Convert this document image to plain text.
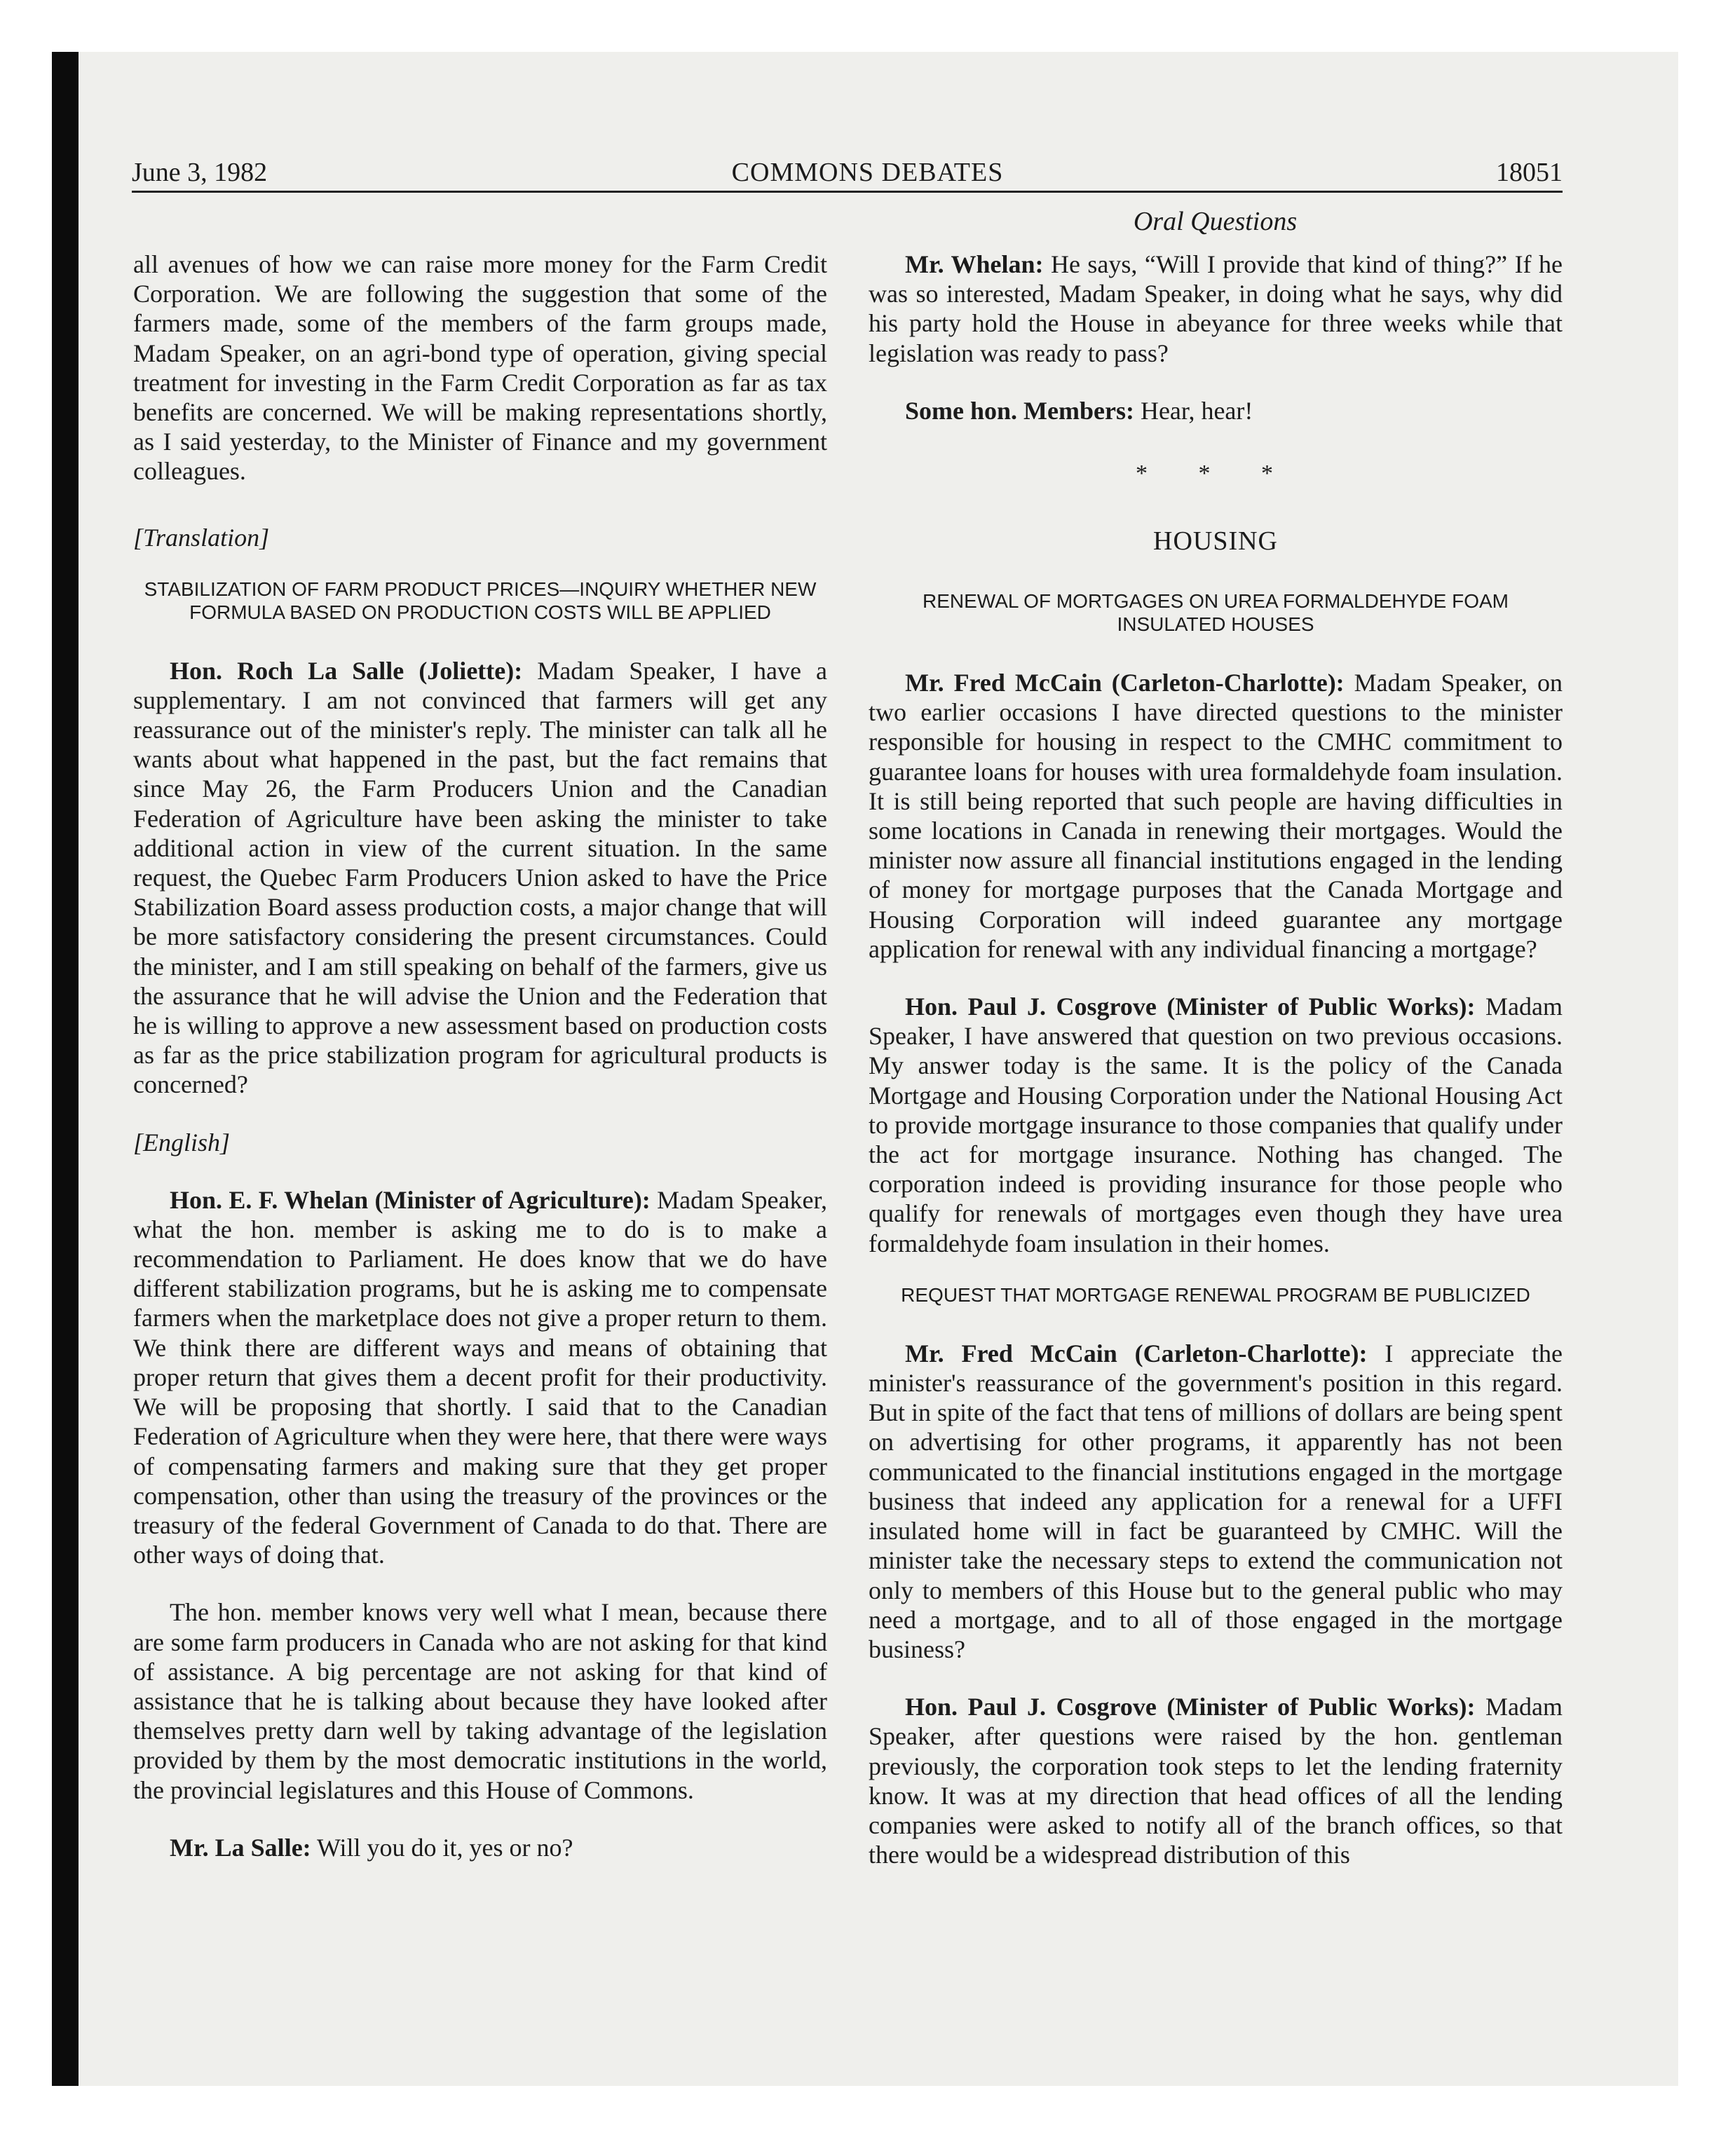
June 3, 1982	COMMONS DEBATES	18051
Oral Questions

all avenues of how we can raise more money for the Farm Credit Corporation. We are following the suggestion that some of the farmers made, some of the members of the farm groups made, Madam Speaker, on an agri-bond type of operation, giving special treatment for investing in the Farm Credit Corporation as far as tax benefits are concerned. We will be making representations shortly, as I said yesterday, to the Minister of Finance and my government colleagues.

[Translation]
STABILIZATION OF FARM PRODUCT PRICES—INQUIRY WHETHER NEW FORMULA BASED ON PRODUCTION COSTS WILL BE APPLIED

Hon. Roch La Salle (Joliette): Madam Speaker, I have a supplementary. I am not convinced that farmers will get any reassurance out of the minister's reply. The minister can talk all he wants about what happened in the past, but the fact remains that since May 26, the Farm Producers Union and the Canadian Federation of Agriculture have been asking the minister to take additional action in view of the current situation. In the same request, the Quebec Farm Producers Union asked to have the Price Stabilization Board assess production costs, a major change that will be more satisfactory considering the present circumstances. Could the minister, and I am still speaking on behalf of the farmers, give us the assurance that he will advise the Union and the Federation that he is willing to approve a new assessment based on production costs as far as the price stabilization program for agricultural products is concerned?

[English]

Hon. E. F. Whelan (Minister of Agriculture): Madam Speaker, what the hon. member is asking me to do is to make a recommendation to Parliament. He does know that we do have different stabilization programs, but he is asking me to compensate farmers when the marketplace does not give a proper return to them. We think there are different ways and means of obtaining that proper return that gives them a decent profit for their productivity. We will be proposing that shortly. I said that to the Canadian Federation of Agriculture when they were here, that there were ways of compensating farmers and making sure that they get proper compensation, other than using the treasury of the provinces or the treasury of the federal Government of Canada to do that. There are other ways of doing that.

The hon. member knows very well what I mean, because there are some farm producers in Canada who are not asking for that kind of assistance. A big percentage are not asking for that kind of assistance that he is talking about because they have looked after themselves pretty darn well by taking advantage of the legislation provided by them by the most democratic institutions in the world, the provincial legislatures and this House of Commons.

Mr. La Salle: Will you do it, yes or no?

Mr. Whelan: He says, “Will I provide that kind of thing?” If he was so interested, Madam Speaker, in doing what he says, why did his party hold the House in abeyance for three weeks while that legislation was ready to pass?

Some hon. Members: Hear, hear!

* * *
HOUSING
RENEWAL OF MORTGAGES ON UREA FORMALDEHYDE FOAM INSULATED HOUSES

Mr. Fred McCain (Carleton-Charlotte): Madam Speaker, on two earlier occasions I have directed questions to the minister responsible for housing in respect to the CMHC commitment to guarantee loans for houses with urea formaldehyde foam insulation. It is still being reported that such people are having difficulties in some locations in Canada in renewing their mortgages. Would the minister now assure all financial institutions engaged in the lending of money for mortgage purposes that the Canada Mortgage and Housing Corporation will indeed guarantee any mortgage application for renewal with any individual financing a mortgage?

Hon. Paul J. Cosgrove (Minister of Public Works): Madam Speaker, I have answered that question on two previous occasions. My answer today is the same. It is the policy of the Canada Mortgage and Housing Corporation under the National Housing Act to provide mortgage insurance to those companies that qualify under the act for mortgage insurance. Nothing has changed. The corporation indeed is providing insurance for those people who qualify for renewals of mortgages even though they have urea formaldehyde foam insulation in their homes.

REQUEST THAT MORTGAGE RENEWAL PROGRAM BE PUBLICIZED

Mr. Fred McCain (Carleton-Charlotte): I appreciate the minister's reassurance of the government's position in this regard. But in spite of the fact that tens of millions of dollars are being spent on advertising for other programs, it apparently has not been communicated to the financial institutions engaged in the mortgage business that indeed any application for a renewal for a UFFI insulated home will in fact be guaranteed by CMHC. Will the minister take the necessary steps to extend the communication not only to members of this House but to the general public who may need a mortgage, and to all of those engaged in the mortgage business?

Hon. Paul J. Cosgrove (Minister of Public Works): Madam Speaker, after questions were raised by the hon. gentleman previously, the corporation took steps to let the lending fraternity know. It was at my direction that head offices of all the lending companies were asked to notify all of the branch offices, so that there would be a widespread distribution of this
